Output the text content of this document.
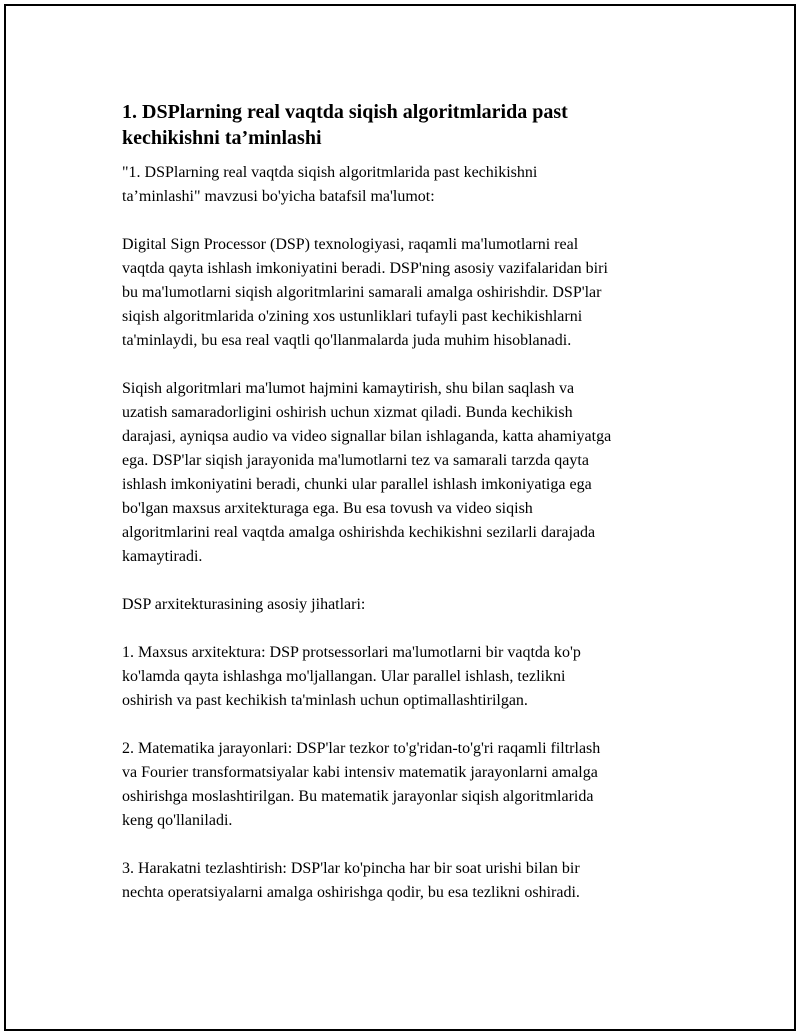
1. DSPlarning real vaqtda siqish algoritmlarida past
kechikishni ta’minlashi

"1. DSPlarning real vaqtda siqish algoritmlarida past kechikishni
ta’minlashi" mavzusi bo'yicha batafsil ma'lumot:

Digital Sign Processor (DSP) texnologiyasi, raqamli ma'lumotlarni real
vaqtda qayta ishlash imkoniyatini beradi. DSP'ning asosiy vazifalaridan biri
bu ma'lumotlarni siqish algoritmlarini samarali amalga oshirishdir. DSP'lar
siqish algoritmlarida o'zining xos ustunliklari tufayli past kechikishlarni
ta'minlaydi, bu esa real vaqtli qo'llanmalarda juda muhim hisoblanadi.

Siqish algoritmlari ma'lumot hajmini kamaytirish, shu bilan saqlash va
uzatish samaradorligini oshirish uchun xizmat qiladi. Bunda kechikish
darajasi, ayniqsa audio va video signallar bilan ishlaganda, katta ahamiyatga
ega. DSP'lar siqish jarayonida ma'lumotlarni tez va samarali tarzda qayta
ishlash imkoniyatini beradi, chunki ular parallel ishlash imkoniyatiga ega
bo'lgan maxsus arxitekturaga ega. Bu esa tovush va video siqish
algoritmlarini real vaqtda amalga oshirishda kechikishni sezilarli darajada
kamaytiradi.

DSP arxitekturasining asosiy jihatlari:

1. Maxsus arxitektura: DSP protsessorlari ma'lumotlarni bir vaqtda ko'p
ko'lamda qayta ishlashga mo'ljallangan. Ular parallel ishlash, tezlikni
oshirish va past kechikish ta'minlash uchun optimallashtirilgan.

2. Matematika jarayonlari: DSP'lar tezkor to'g'ridan-to'g'ri raqamli filtrlash
va Fourier transformatsiyalar kabi intensiv matematik jarayonlarni amalga
oshirishga moslashtirilgan. Bu matematik jarayonlar siqish algoritmlarida
keng qo'llaniladi.

3. Harakatni tezlashtirish: DSP'lar ko'pincha har bir soat urishi bilan bir
nechta operatsiyalarni amalga oshirishga qodir, bu esa tezlikni oshiradi.
